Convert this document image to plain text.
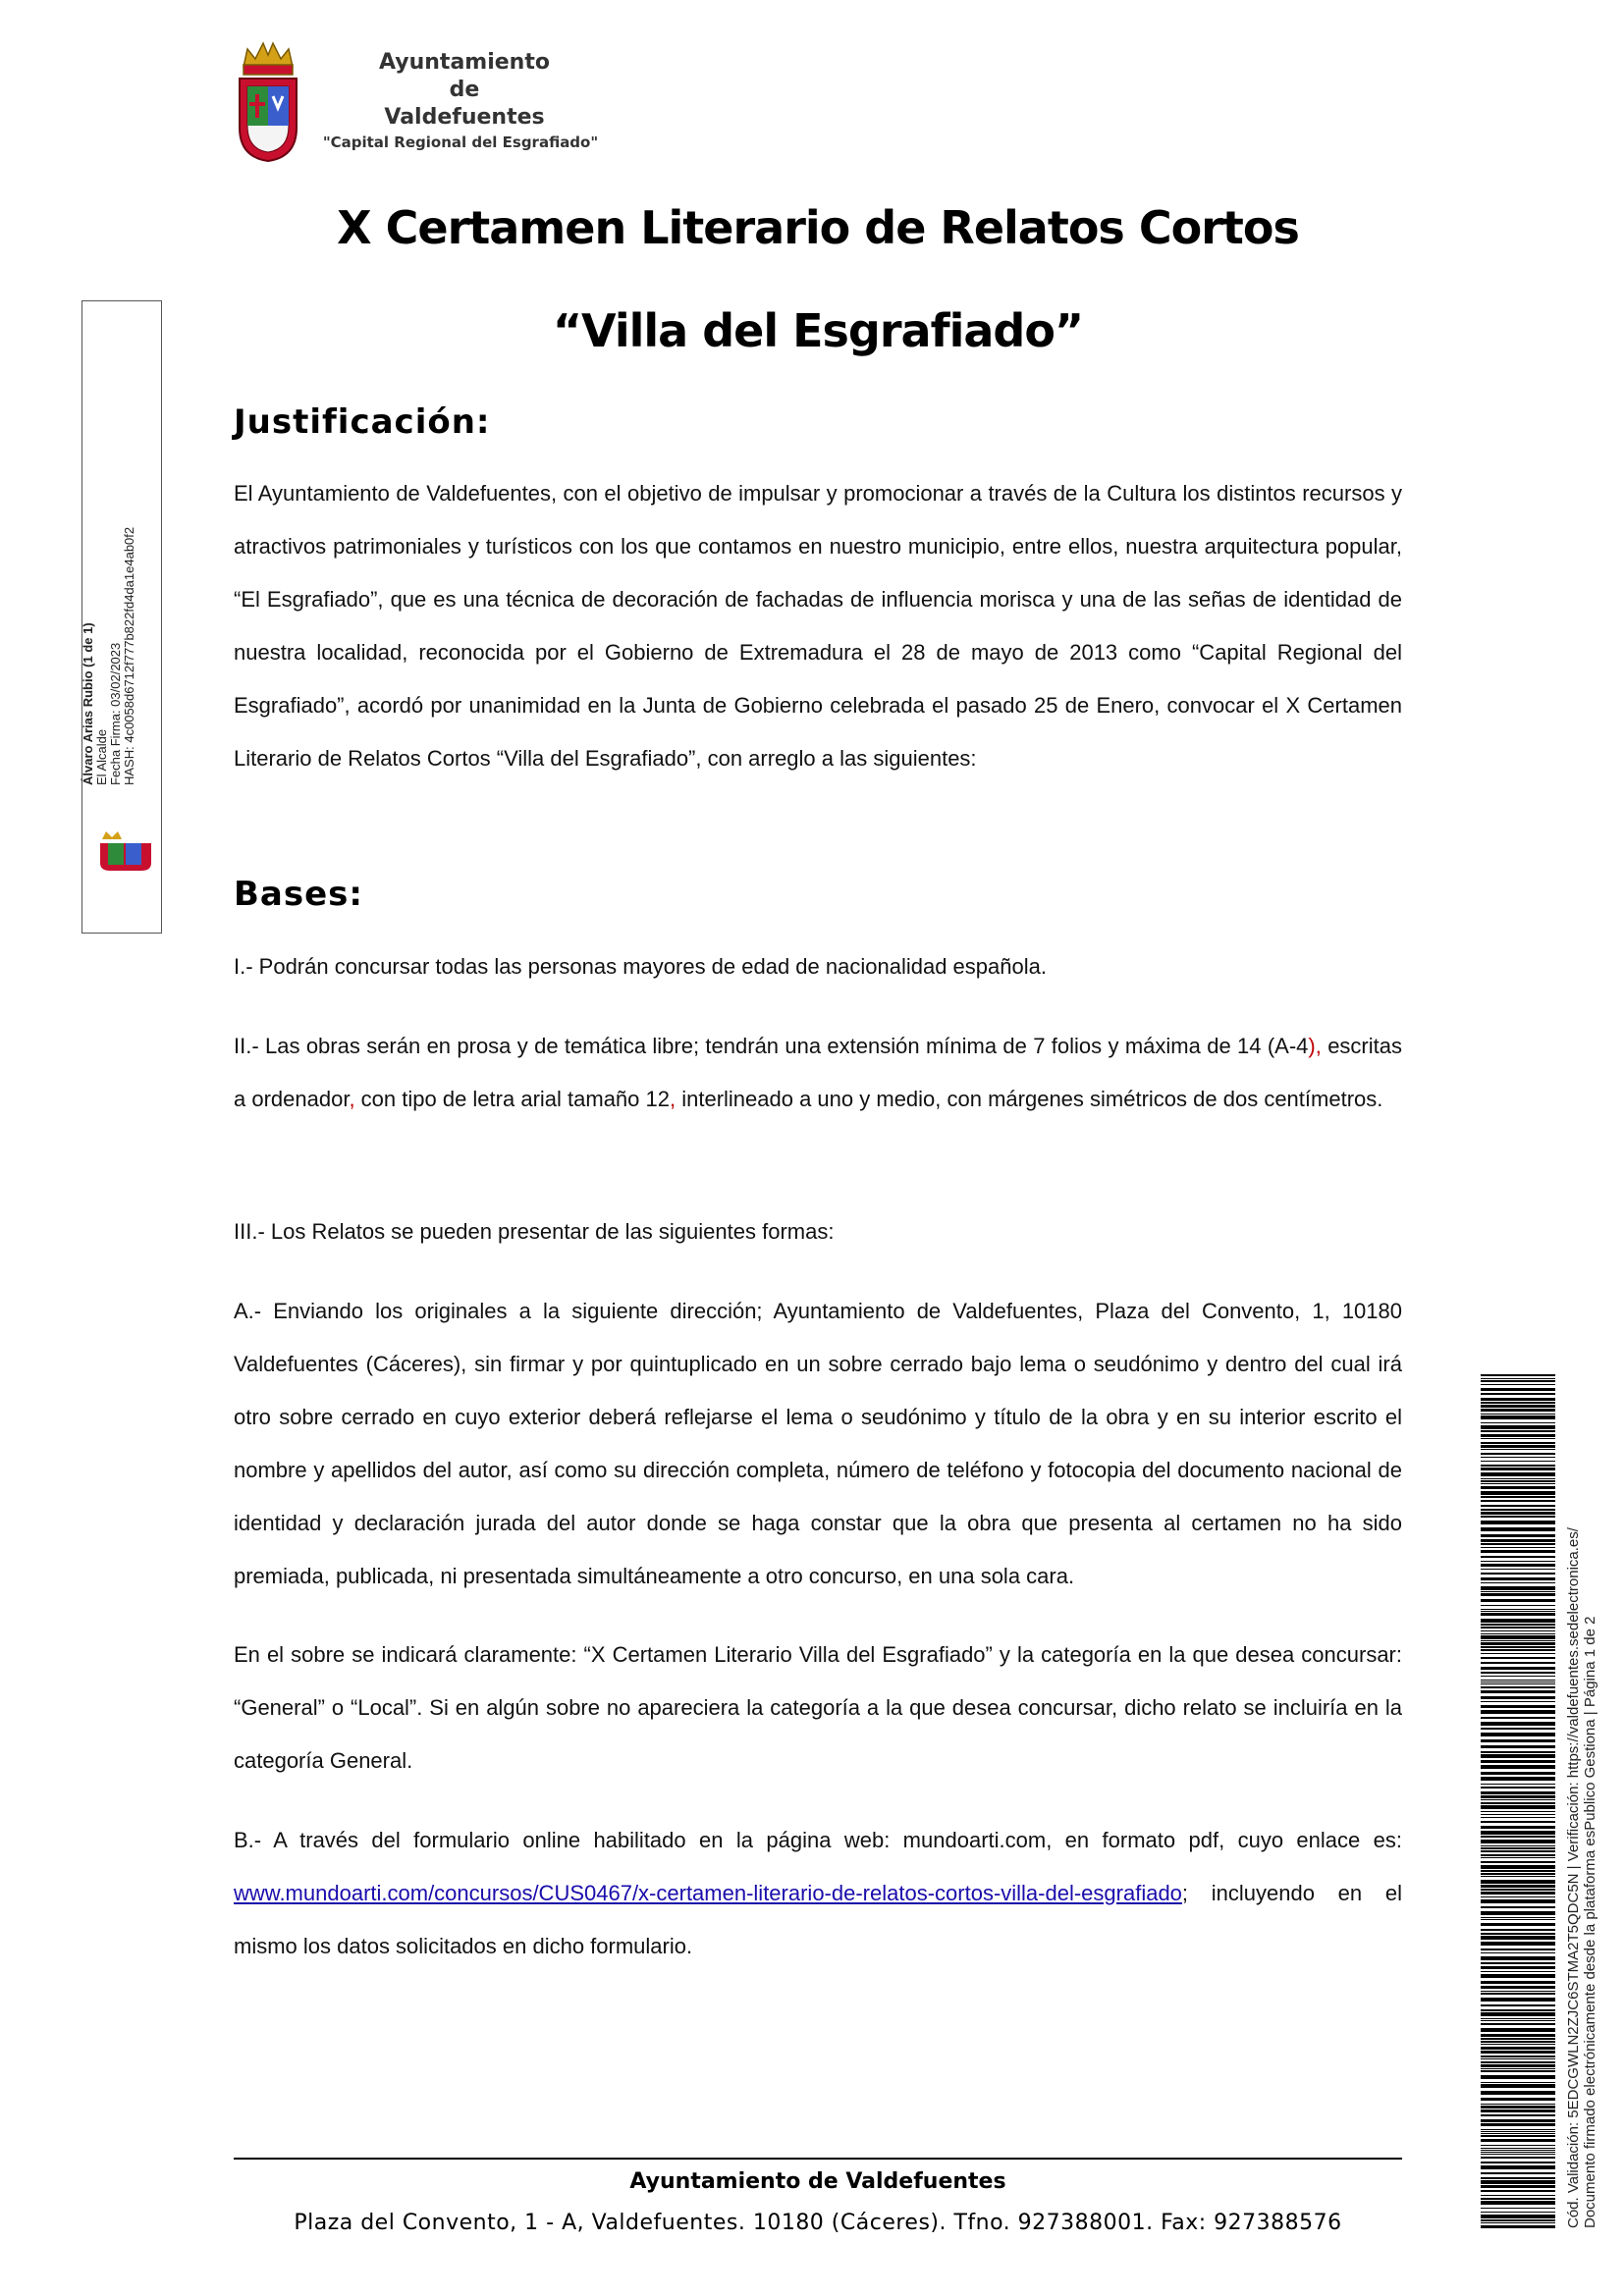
Ayuntamiento
de
Valdefuentes
"Capital Regional del Esgrafiado"
X Certamen Literario de Relatos Cortos
“Villa del Esgrafiado”
Justificación:
El Ayuntamiento de Valdefuentes, con el objetivo de impulsar y promocionar a través de la Cultura los distintos recursos y atractivos patrimoniales y turísticos con los que contamos en nuestro municipio, entre ellos, nuestra arquitectura popular, “El Esgrafiado”, que es una técnica de decoración de fachadas de influencia morisca y una de las señas de identidad de nuestra localidad, reconocida por el Gobierno de Extremadura el 28 de mayo de 2013 como “Capital Regional del Esgrafiado”, acordó por unanimidad en la Junta de Gobierno celebrada el pasado 25 de Enero, convocar el X Certamen Literario de Relatos Cortos “Villa del Esgrafiado”, con arreglo a las siguientes:
Bases:
I.- Podrán concursar todas las personas mayores de edad de nacionalidad española.
II.- Las obras serán en prosa y de temática libre; tendrán una extensión mínima de 7 folios y máxima de 14 (A-4), escritas a ordenador, con tipo de letra arial tamaño 12, interlineado a uno y medio, con márgenes simétricos de dos centímetros.
III.- Los Relatos se pueden presentar de las siguientes formas:
A.- Enviando los originales a la siguiente dirección; Ayuntamiento de Valdefuentes, Plaza del Convento, 1, 10180 Valdefuentes (Cáceres), sin firmar y por quintuplicado en un sobre cerrado bajo lema o seudónimo y dentro del cual irá otro sobre cerrado en cuyo exterior deberá reflejarse el lema o seudónimo y título de la obra y en su interior escrito el nombre y apellidos del autor, así como su dirección completa, número de teléfono y fotocopia del documento nacional de identidad y declaración jurada del autor donde se haga constar que la obra que presenta al certamen no ha sido premiada, publicada, ni presentada simultáneamente a otro concurso, en una sola cara.
En el sobre se indicará claramente: “X Certamen Literario Villa del Esgrafiado” y la categoría en la que desea concursar: “General” o “Local”. Si en algún sobre no apareciera la categoría a la que desea concursar, dicho relato se incluiría en la categoría General.
B.- A través del formulario online habilitado en la página web: mundoarti.com, en formato pdf, cuyo enlace es: www.mundoarti.com/concursos/CUS0467/x-certamen-literario-de-relatos-cortos-villa-del-esgrafiado; incluyendo en el mismo los datos solicitados en dicho formulario.
Ayuntamiento de Valdefuentes
Plaza del Convento, 1 - A, Valdefuentes. 10180 (Cáceres). Tfno. 927388001. Fax: 927388576
Álvaro Arias Rubio (1 de 1) El Alcalde Fecha Firma: 03/02/2023 HASH: 4c0058d6712f777b822fd4da1e4ab0f2
Cód. Validación: 5EDCGWLN2ZJC6STMA2T5QDC5N | Verificación: https://valdefuentes.sedelectronica.es/ Documento firmado electrónicamente desde la plataforma esPublico Gestiona | Página 1 de 2
